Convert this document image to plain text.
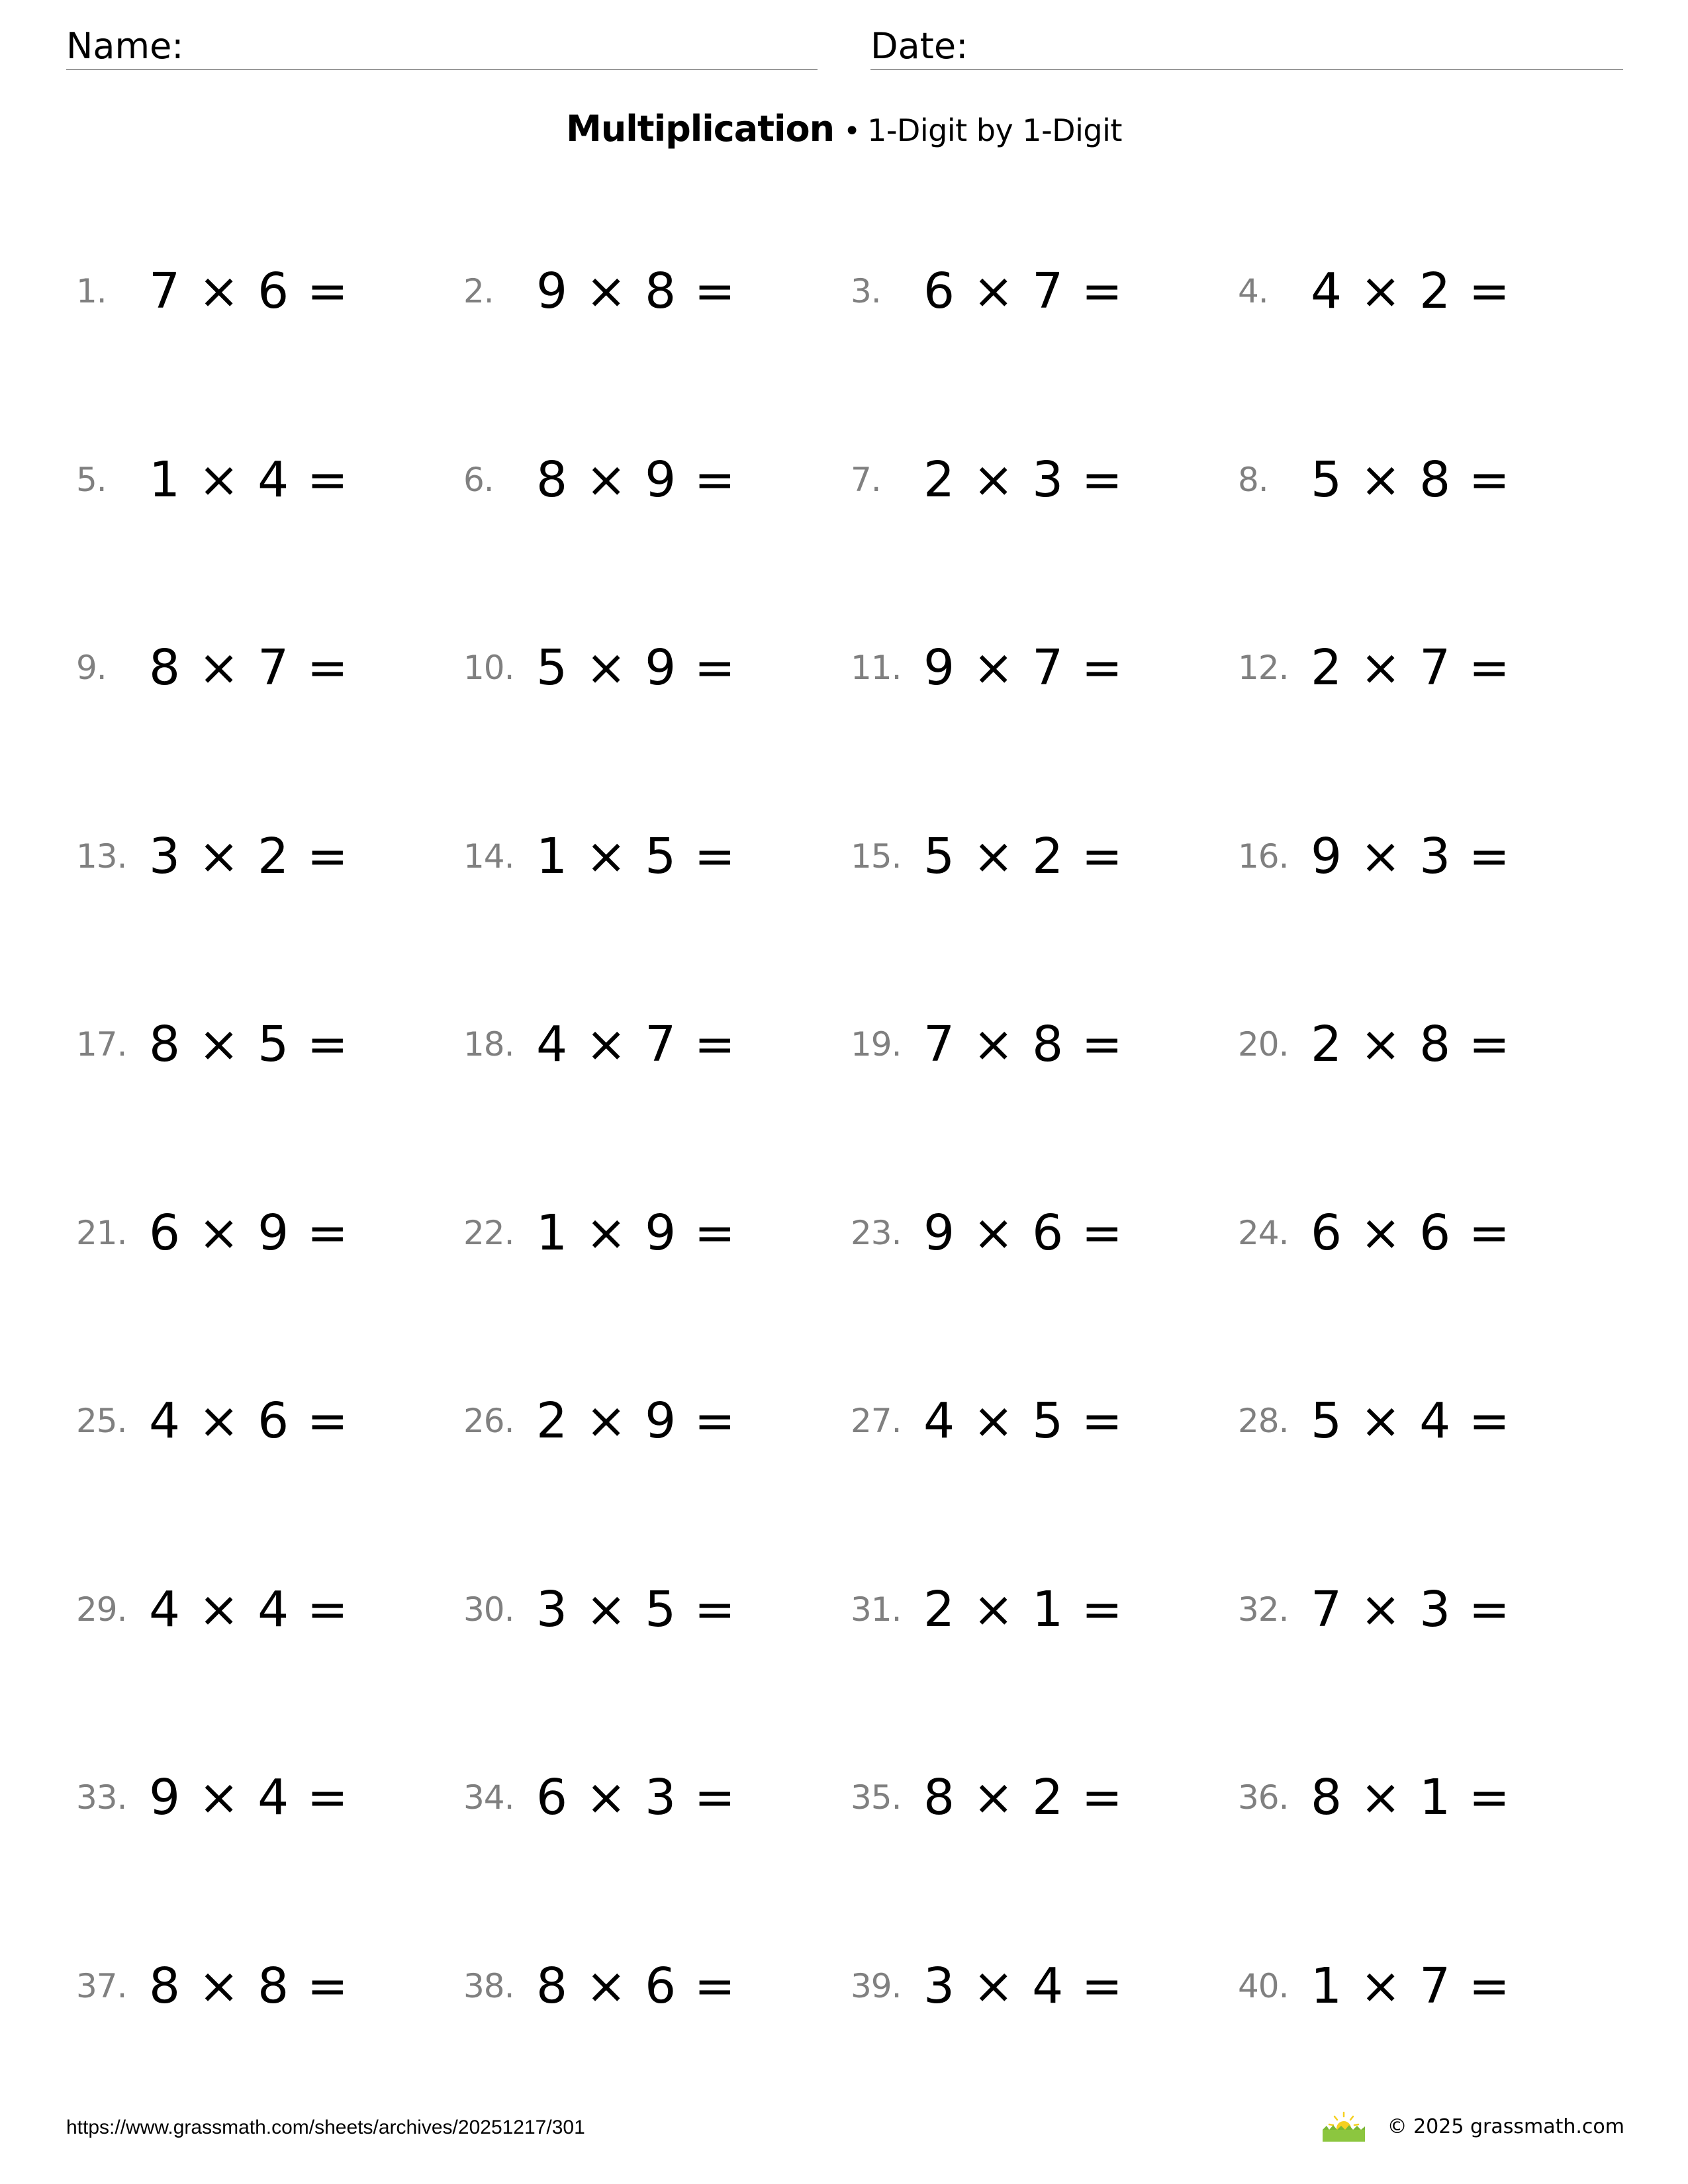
Name:	Date:
Multiplication • 1-Digit by 1-Digit
1. 7 × 6 =	2. 9 × 8 =	3. 6 × 7 =	4. 4 × 2 =
5. 1 × 4 =	6. 8 × 9 =	7. 2 × 3 =	8. 5 × 8 =
9. 8 × 7 =	10. 5 × 9 =	11. 9 × 7 =	12. 2 × 7 =
13. 3 × 2 =	14. 1 × 5 =	15. 5 × 2 =	16. 9 × 3 =
17. 8 × 5 =	18. 4 × 7 =	19. 7 × 8 =	20. 2 × 8 =
21. 6 × 9 =	22. 1 × 9 =	23. 9 × 6 =	24. 6 × 6 =
25. 4 × 6 =	26. 2 × 9 =	27. 4 × 5 =	28. 5 × 4 =
29. 4 × 4 =	30. 3 × 5 =	31. 2 × 1 =	32. 7 × 3 =
33. 9 × 4 =	34. 6 × 3 =	35. 8 × 2 =	36. 8 × 1 =
37. 8 × 8 =	38. 8 × 6 =	39. 3 × 4 =	40. 1 × 7 =
https://www.grassmath.com/sheets/archives/20251217/301	© 2025 grassmath.com
